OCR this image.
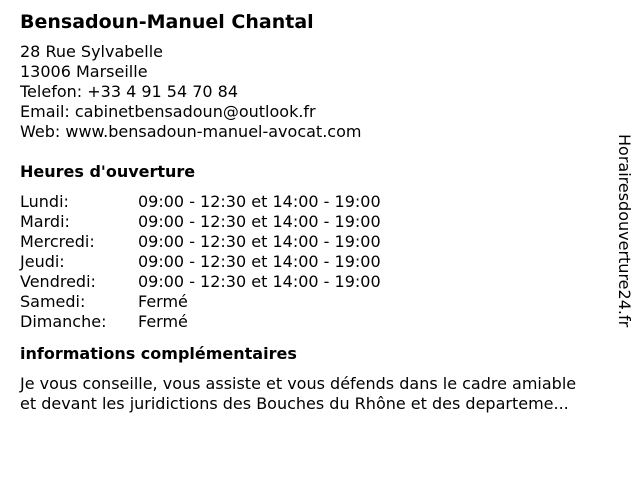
Bensadoun-Manuel Chantal
28 Rue Sylvabelle
13006 Marseille
Telefon: +33 4 91 54 70 84
Email: cabinetbensadoun@outlook.fr
Web: www.bensadoun-manuel-avocat.com
Heures d'ouverture
Lundi:	09:00 - 12:30 et 14:00 - 19:00
Mardi:	09:00 - 12:30 et 14:00 - 19:00
Mercredi:	09:00 - 12:30 et 14:00 - 19:00
Jeudi:	09:00 - 12:30 et 14:00 - 19:00
Vendredi:	09:00 - 12:30 et 14:00 - 19:00
Samedi:	Fermé
Dimanche:	Fermé
informations complémentaires

Je vous conseille, vous assiste et vous défends dans le cadre amiable

et devant les juridictions des Bouches du Rhône et des departeme...

Horairesdouverture24.fr
